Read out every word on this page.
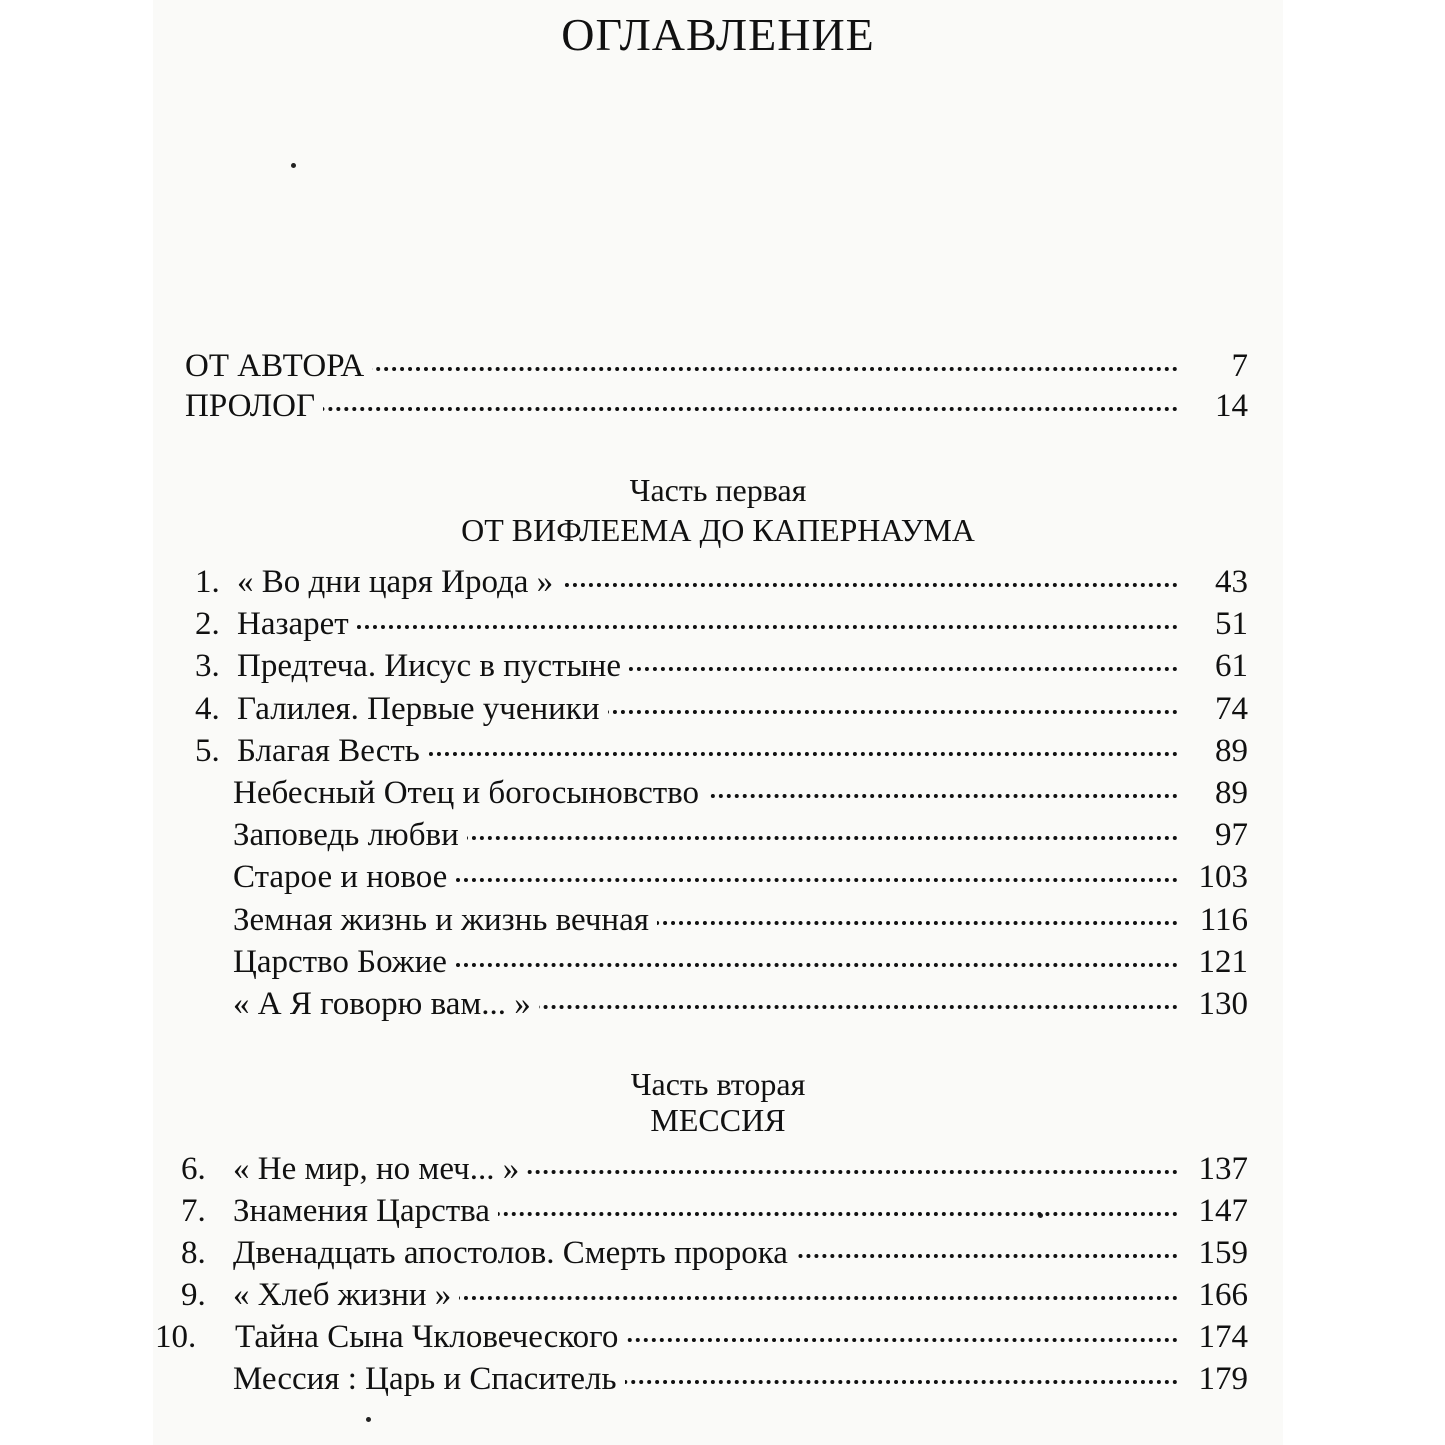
ОГЛАВЛЕНИЕ
ОТ АВТОРА	7
ПРОЛОГ	14
Часть первая
ОТ ВИФЛЕЕМА ДО КАПЕРНАУМА
1. « Во дни царя Ирода »	43
2. Назарет	51
3. Предтеча. Иисус в пустыне	61
4. Галилея. Первые ученики	74
5. Благая Весть	89
Небесный Отец и богосыновство	89
Заповедь любви	97
Старое и новое	103
Земная жизнь и жизнь вечная	116
Царство Божие	121
« А Я говорю вам... »	130
Часть вторая
МЕССИЯ
6. « Не мир, но меч... »	137
7. Знамения Царства	147
8. Двенадцать апостолов. Смерть пророка	159
9. « Хлеб жизни »	166
10. Тайна Сына Чкловеческого	174
Мессия : Царь и Спаситель	179
